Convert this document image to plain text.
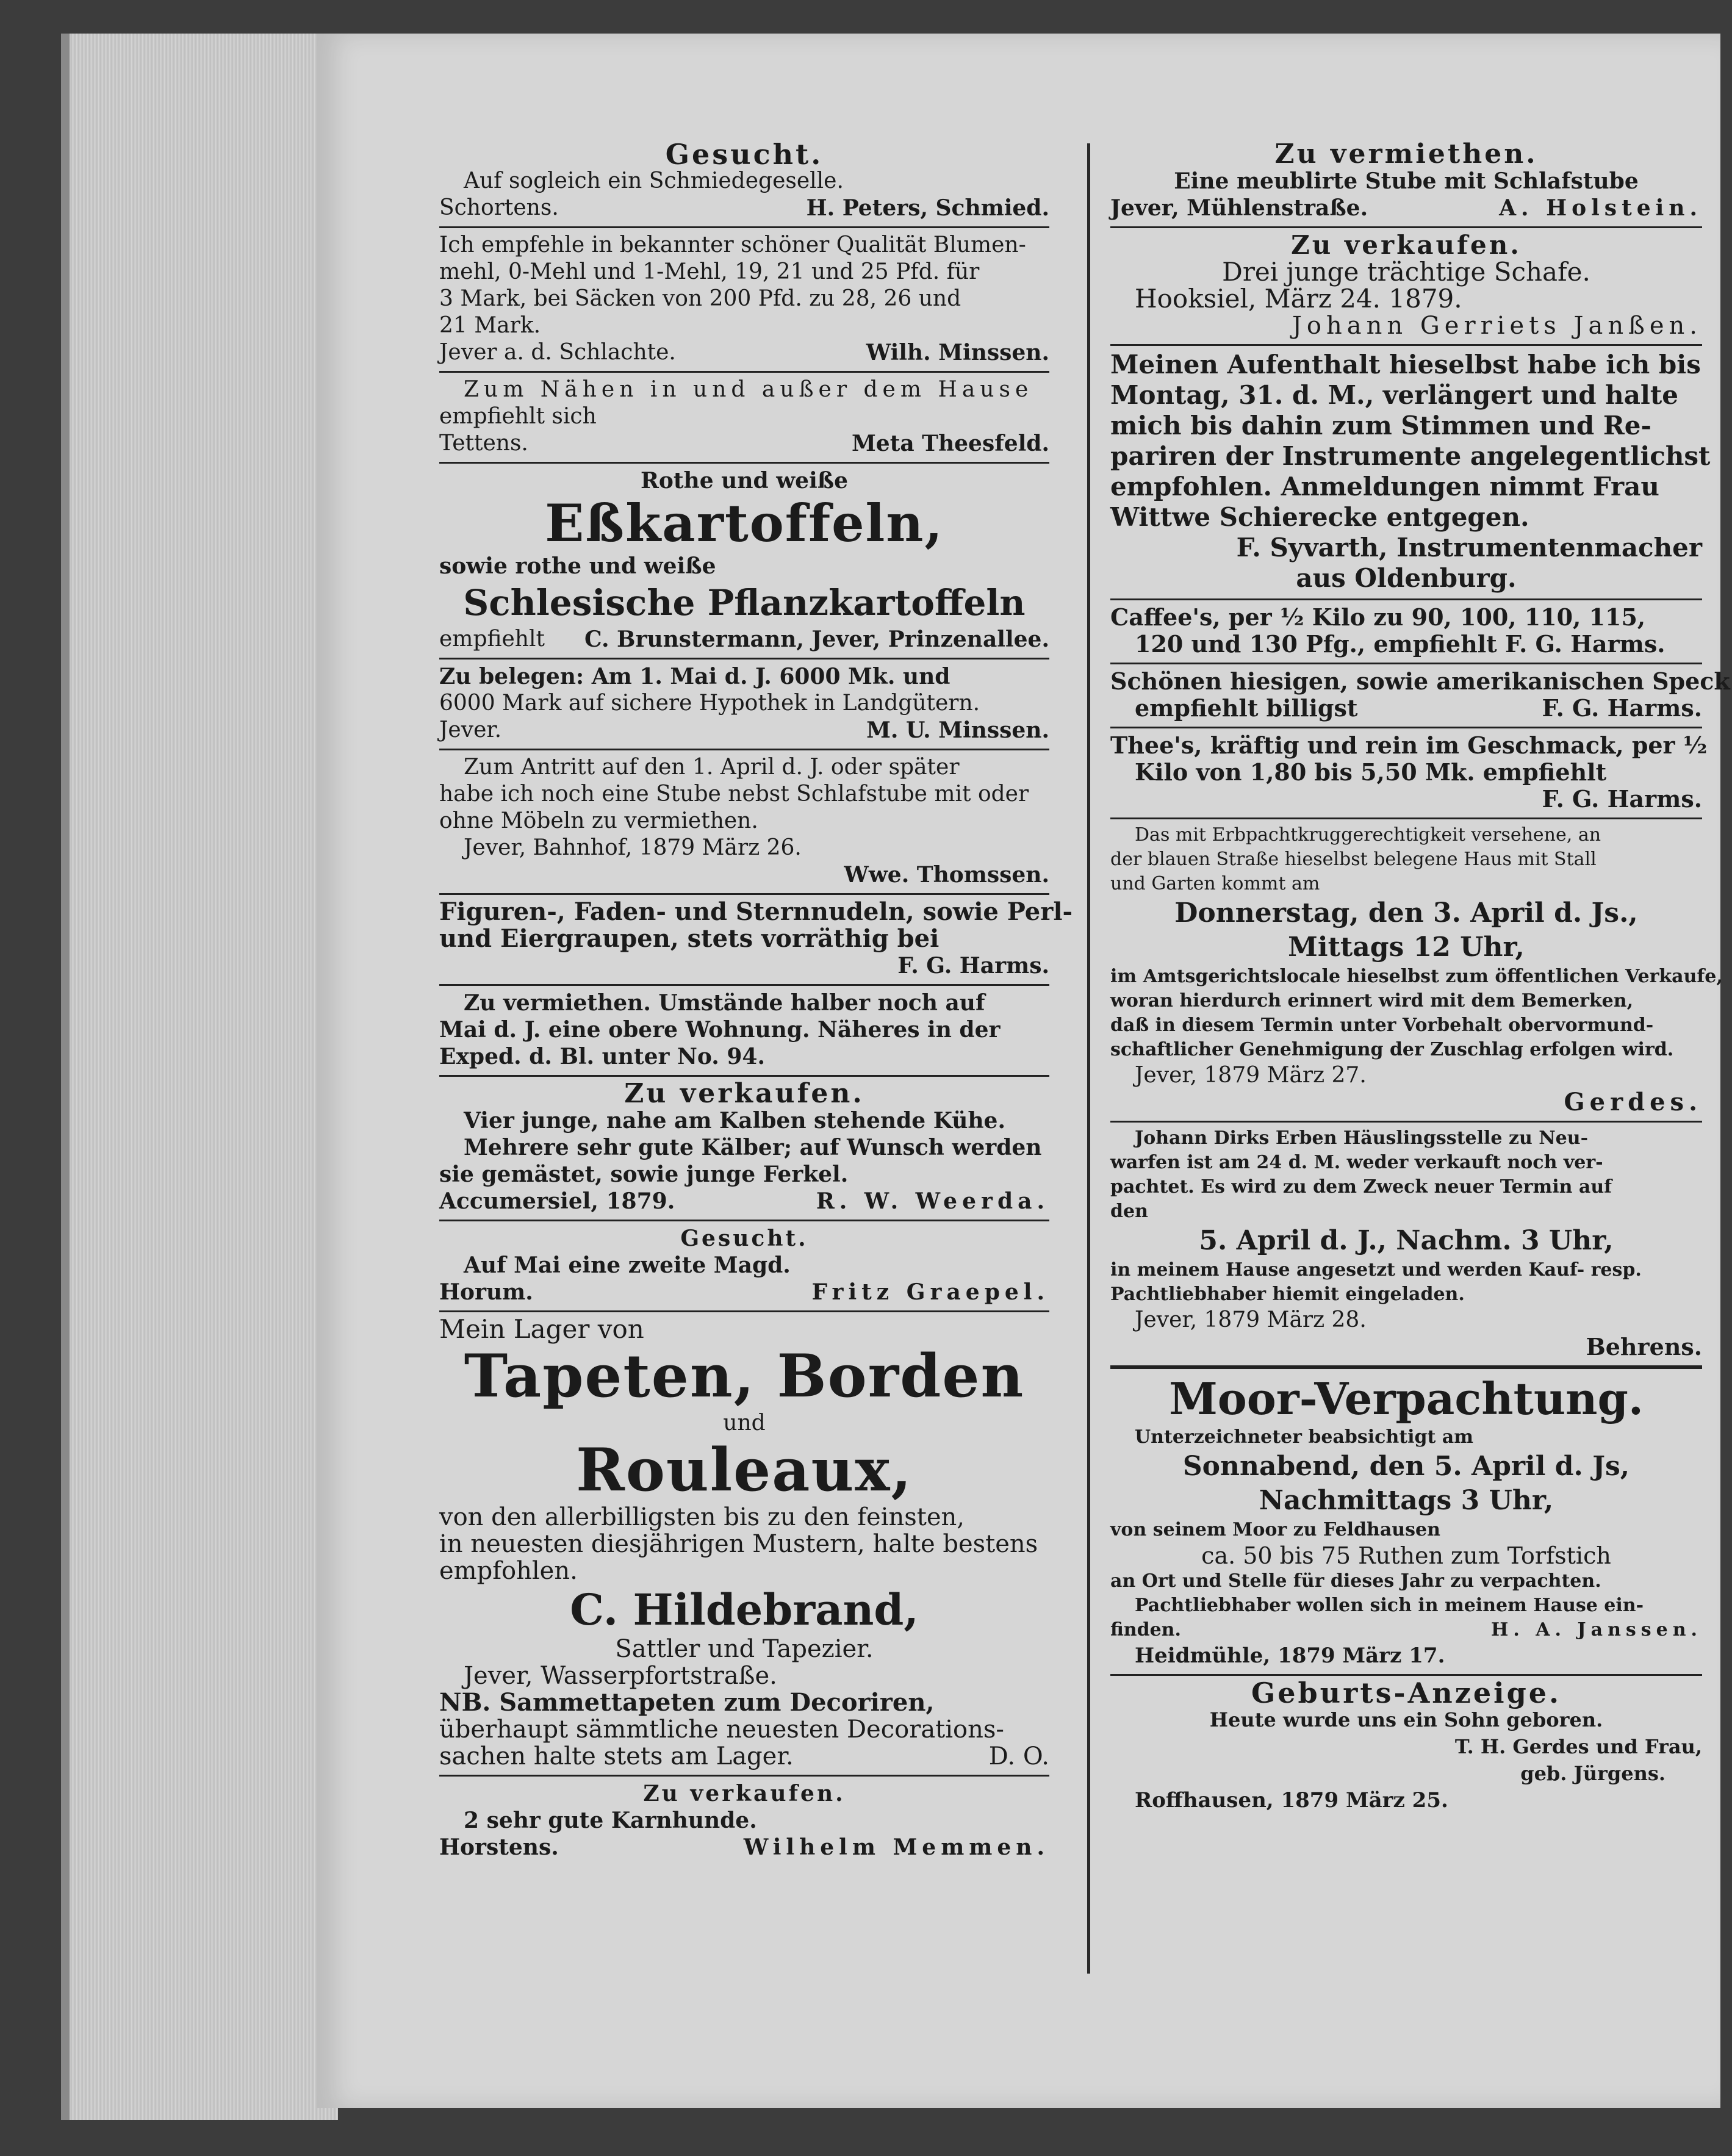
Gesucht.
Auf sogleich ein Schmiedegeselle.
Schortens.	H. Peters, Schmied.
Ich empfehle in bekannter schöner Qualität Blumen-
mehl, 0-Mehl und 1-Mehl, 19, 21 und 25 Pfd. für
3 Mark, bei Säcken von 200 Pfd. zu 28, 26 und
21 Mark.
Jever a. d. Schlachte.	Wilh. Minssen.
Zum Nähen in und außer dem Hause
empfiehlt sich
Tettens.	Meta Theesfeld.
Rothe und weiße
Eßkartoffeln,
sowie rothe und weiße
Schlesische Pflanzkartoffeln
empfiehlt C. Brunstermann, Jever, Prinzenallee.
Zu belegen: Am 1. Mai d. J. 6000 Mk. und
6000 Mark auf sichere Hypothek in Landgütern.
Jever.	M. U. Minssen.
Zum Antritt auf den 1. April d. J. oder später
habe ich noch eine Stube nebst Schlafstube mit oder
ohne Möbeln zu vermiethen.
Jever, Bahnhof, 1879 März 26.
Wwe. Thomssen.
Figuren-, Faden- und Sternnudeln, sowie Perl-
und Eiergraupen, stets vorräthig bei
F. G. Harms.
Zu vermiethen. Umstände halber noch auf
Mai d. J. eine obere Wohnung. Näheres in der
Exped. d. Bl. unter No. 94.
Zu verkaufen.
Vier junge, nahe am Kalben stehende Kühe.
Mehrere sehr gute Kälber; auf Wunsch werden
sie gemästet, sowie junge Ferkel.
Accumersiel, 1879.	R. W. Weerda.
Gesucht.
Auf Mai eine zweite Magd.
Horum.	Fritz Graepel.
Mein Lager von
Tapeten, Borden
und
Rouleaux,
von den allerbilligsten bis zu den feinsten,
in neuesten diesjährigen Mustern, halte bestens
empfohlen.
C. Hildebrand,
Sattler und Tapezier.
Jever, Wasserpfortstraße.
NB. Sammettapeten zum Decoriren,
überhaupt sämmtliche neuesten Decorations-
sachen halte stets am Lager.	D. O.
Zu verkaufen.
2 sehr gute Karnhunde.
Horstens.	Wilhelm Memmen.
Zu vermiethen.
Eine meublirte Stube mit Schlafstube
Jever, Mühlenstraße.	A. Holstein.
Zu verkaufen.
Drei junge trächtige Schafe.
Hooksiel, März 24. 1879.
Johann Gerriets Janßen.
Meinen Aufenthalt hieselbst habe ich bis
Montag, 31. d. M., verlängert und halte
mich bis dahin zum Stimmen und Re-
pariren der Instrumente angelegentlichst
empfohlen. Anmeldungen nimmt Frau
Wittwe Schierecke entgegen.
F. Syvarth, Instrumentenmacher
aus Oldenburg.
Caffee's, per ½ Kilo zu 90, 100, 110, 115,
120 und 130 Pfg., empfiehlt F. G. Harms.
Schönen hiesigen, sowie amerikanischen Speck
empfiehlt billigst	F. G. Harms.
Thee's, kräftig und rein im Geschmack, per ½
Kilo von 1,80 bis 5,50 Mk. empfiehlt
F. G. Harms.
Das mit Erbpachtkruggerechtigkeit versehene, an
der blauen Straße hieselbst belegene Haus mit Stall
und Garten kommt am
Donnerstag, den 3. April d. Js.,
Mittags 12 Uhr,
im Amtsgerichtslocale hieselbst zum öffentlichen Verkaufe,
woran hierdurch erinnert wird mit dem Bemerken,
daß in diesem Termin unter Vorbehalt obervormund-
schaftlicher Genehmigung der Zuschlag erfolgen wird.
Jever, 1879 März 27.
Gerdes.
Johann Dirks Erben Häuslingsstelle zu Neu-
warfen ist am 24 d. M. weder verkauft noch ver-
pachtet. Es wird zu dem Zweck neuer Termin auf
den
5. April d. J., Nachm. 3 Uhr,
in meinem Hause angesetzt und werden Kauf- resp.
Pachtliebhaber hiemit eingeladen.
Jever, 1879 März 28.
Behrens.
Moor-Verpachtung.
Unterzeichneter beabsichtigt am
Sonnabend, den 5. April d. Js,
Nachmittags 3 Uhr,
von seinem Moor zu Feldhausen
ca. 50 bis 75 Ruthen zum Torfstich
an Ort und Stelle für dieses Jahr zu verpachten.
Pachtliebhaber wollen sich in meinem Hause ein-
finden.	H. A. Janssen.
Heidmühle, 1879 März 17.
Geburts-Anzeige.
Heute wurde uns ein Sohn geboren.
T. H. Gerdes und Frau,
geb. Jürgens.
Roffhausen, 1879 März 25.
